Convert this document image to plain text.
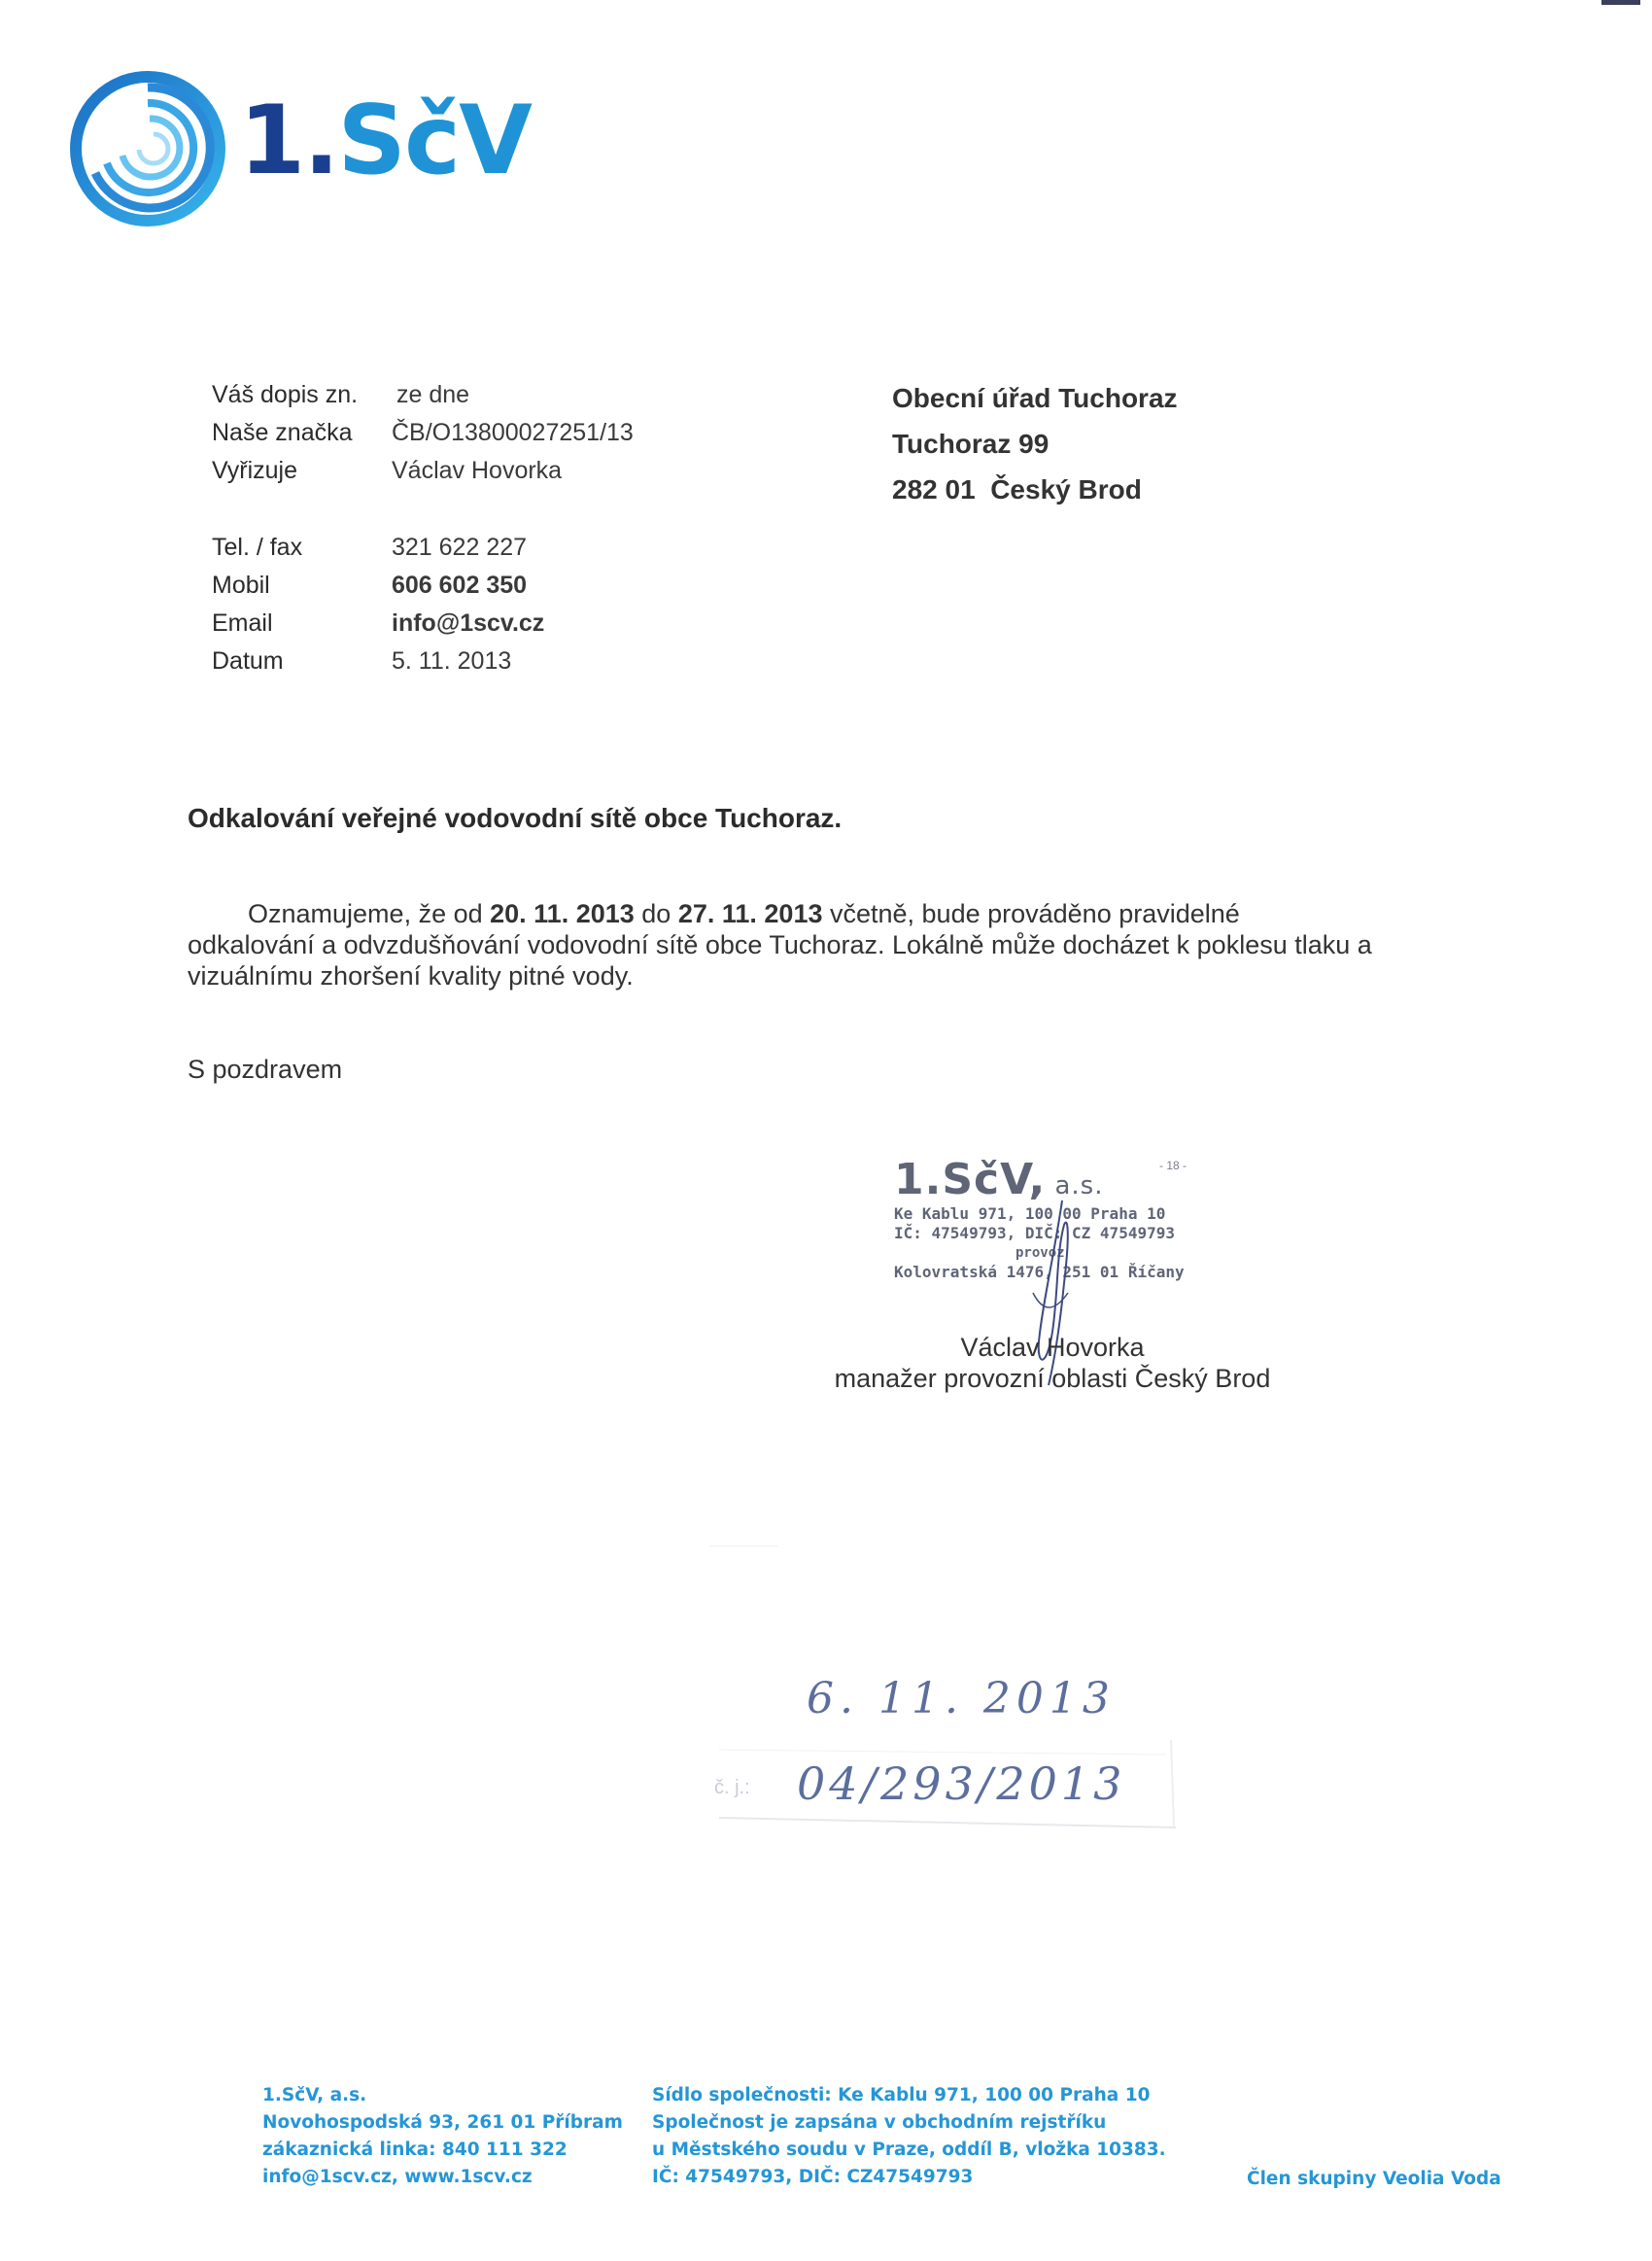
1.SčV
Váš dopis zn.	ze dne
Naše značka	ČB/O13800027251/13
Vyřizuje	Václav Hovorka
Tel. / fax	321 622 227
Mobil	606 602 350
Email	info@1scv.cz
Datum	5. 11. 2013
Obecní úřad Tuchoraz
Tuchoraz 99
282 01  Český Brod
Odkalování veřejné vodovodní sítě obce Tuchoraz.

Oznamujeme, že od 20. 11. 2013 do 27. 11. 2013 včetně, bude prováděno pravidelné

odkalování a odvzdušňování vodovodní sítě obce Tuchoraz. Lokálně může docházet k poklesu tlaku a

vizuálnímu zhoršení kvality pitné vody.

S pozdravem
1.SčV, a.s.
Ke Kablu 971, 100 00 Praha 10
IČ: 47549793, DIČ: CZ 47549793
provoz
Kolovratská 1476, 251 01 Říčany
- 18 -
Václav Hovorka
manažer provozní oblasti Český Brod
6. 11. 2013
č. j.: 04/293/2013
1.SčV, a.s.
Novohospodská 93, 261 01 Příbram
zákaznická linka: 840 111 322
info@1scv.cz, www.1scv.cz
Sídlo společnosti: Ke Kablu 971, 100 00 Praha 10
Společnost je zapsána v obchodním rejstříku
u Městského soudu v Praze, oddíl B, vložka 10383.
IČ: 47549793, DIČ: CZ47549793	Člen skupiny Veolia Voda
